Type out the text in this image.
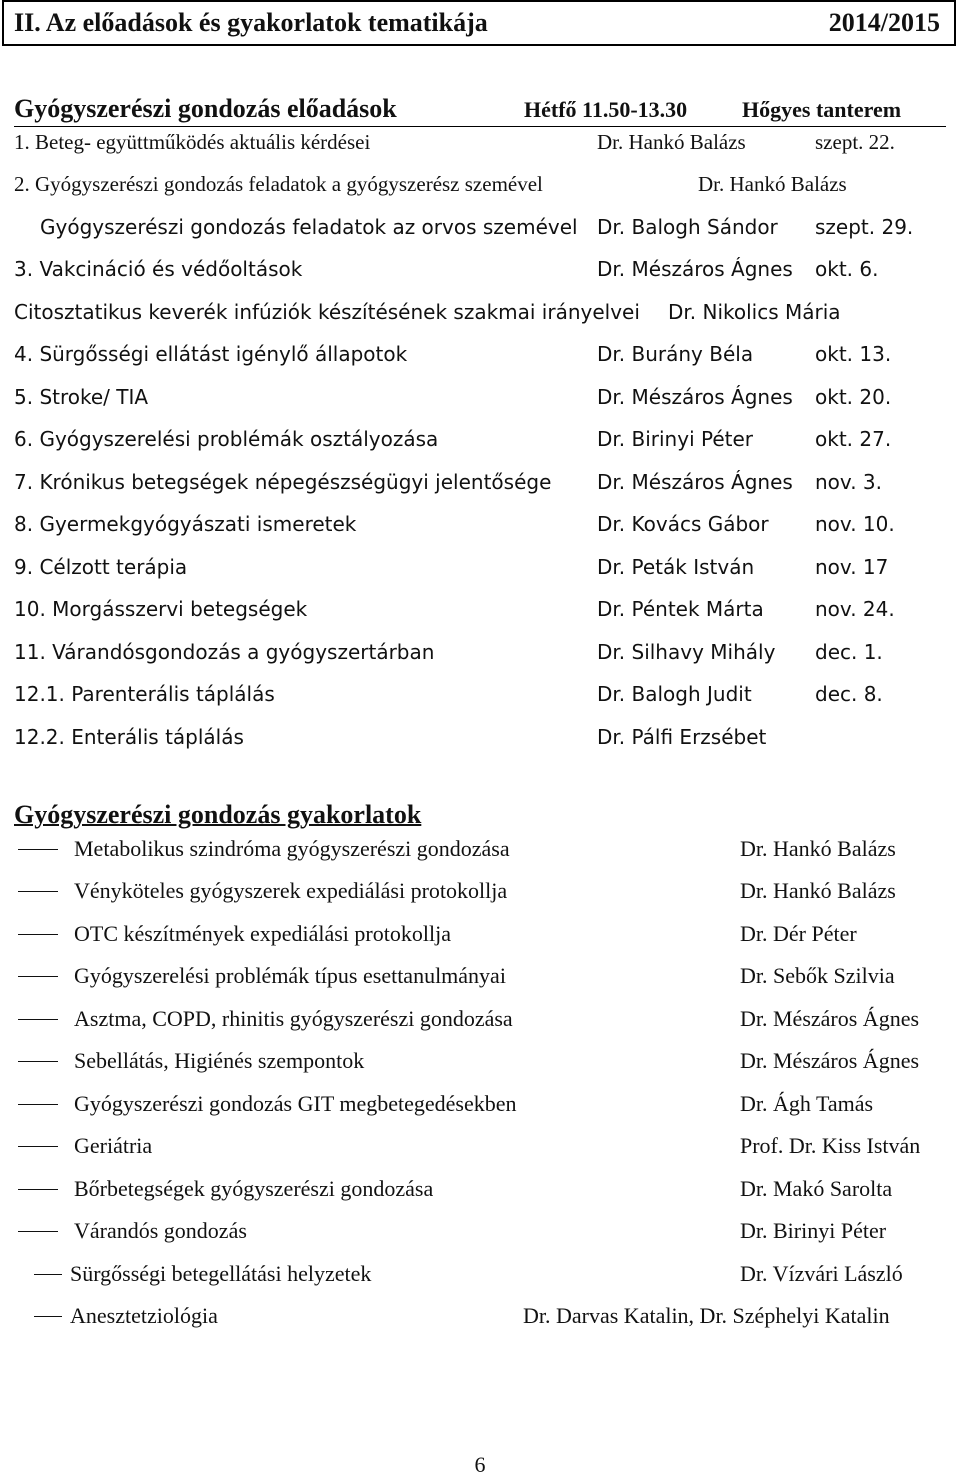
II. Az előadások és gyakorlatok tematikája	2014/2015
Gyógyszerészi gondozás előadások	Hétfő 11.50-13.30 Hőgyes tanterem
1. Beteg- együttműködés aktuális kérdései	Dr. Hankó Balázs	szept. 22.
2. Gyógyszerészi gondozás feladatok a gyógyszerész szemével	Dr. Hankó Balázs
Gyógyszerészi gondozás feladatok az orvos szemével Dr. Balogh Sándor szept. 29.
3. Vakcináció és védőoltások	Dr. Mészáros Ágnes okt. 6.
Citosztatikus keverék infúziók készítésének szakmai irányelvei Dr. Nikolics Mária
4. Sürgősségi ellátást igénylő állapotok	Dr. Burány Béla	okt. 13.
5. Stroke/ TIA	Dr. Mészáros Ágnes okt. 20.
6. Gyógyszerelési problémák osztályozása	Dr. Birinyi Péter	okt. 27.
7. Krónikus betegségek népegészségügyi jelentősége Dr. Mészáros Ágnes nov. 3.
8. Gyermekgyógyászati ismeretek	Dr. Kovács Gábor nov. 10.
9. Célzott terápia	Dr. Peták István	nov. 17
10. Morgásszervi betegségek	Dr. Péntek Márta	nov. 24.
11. Várandósgondozás a gyógyszertárban	Dr. Silhavy Mihály dec. 1.
12.1. Parenterális táplálás	Dr. Balogh Judit	dec. 8.
12.2. Enterális táplálás	Dr. Pálfi Erzsébet
Gyógyszerészi gondozás gyakorlatok
Metabolikus szindróma gyógyszerészi gondozása	Dr. Hankó Balázs
Vényköteles gyógyszerek expediálási protokollja	Dr. Hankó Balázs
OTC készítmények expediálási protokollja	Dr. Dér Péter
Gyógyszerelési problémák típus esettanulmányai	Dr. Sebők Szilvia
Asztma, COPD, rhinitis gyógyszerészi gondozása	Dr. Mészáros Ágnes
Sebellátás, Higiénés szempontok	Dr. Mészáros Ágnes
Gyógyszerészi gondozás GIT megbetegedésekben	Dr. Ágh Tamás
Geriátria	Prof. Dr. Kiss István
Bőrbetegségek gyógyszerészi gondozása	Dr. Makó Sarolta
Várandós gondozás	Dr. Birinyi Péter
Sürgősségi betegellátási helyzetek	Dr. Vízvári László
Anesztetziológia	Dr. Darvas Katalin, Dr. Széphelyi Katalin
6
